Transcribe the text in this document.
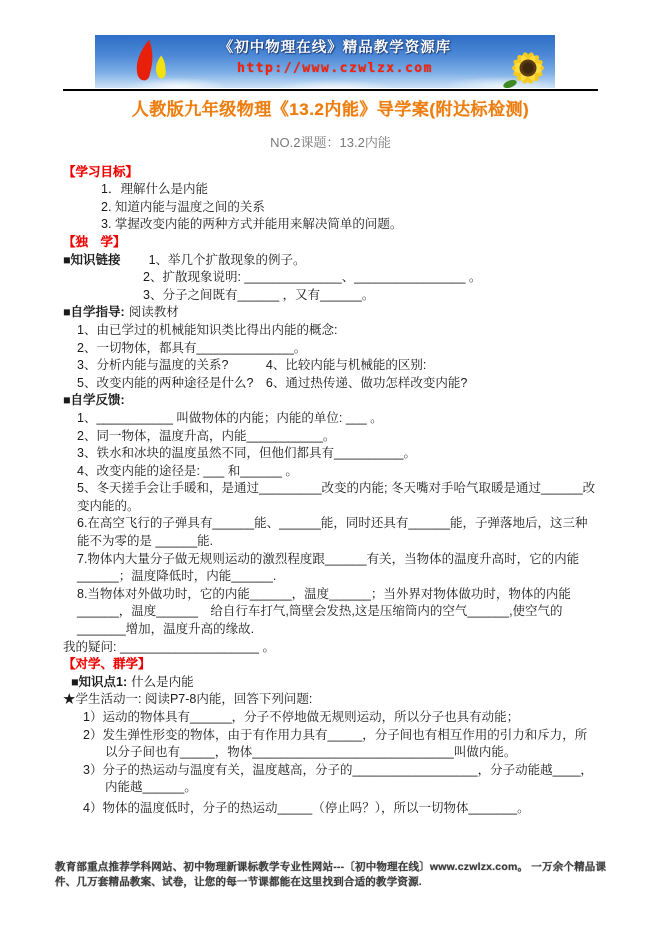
《初中物理在线》精品教学资源库
http://www.czwlzx.com
人教版九年级物理《13.2内能》导学案(附达标检测)
NO.2课题：13.2内能
【学习目标】
1．理解什么是内能
2. 知道内能与温度之间的关系
3. 掌握改变内能的两种方式并能用来解决简单的问题。
【独　学】
■知识链接 1、举几个扩散现象的例子。
2、扩散现象说明: ______________、________________ 。
3、分子之间既有______ ，又有______。
■自学指导: 阅读教材
1、由已学过的机械能知识类比得出内能的概念:
2、一切物体，都具有______________。
3、分析内能与温度的关系?　　　4、比较内能与机械能的区别:
5、改变内能的两种途径是什么?　6、通过热传递、做功怎样改变内能?
■自学反馈:
1、___________ 叫做物体的内能；内能的单位: ___ 。
2、同一物体，温度升高，内能___________。
3、铁水和冰块的温度虽然不同，但他们都具有__________。
4、改变内能的途径是: ___ 和______ 。
5、冬天搓手会让手暖和，是通过_________改变的内能; 冬天嘴对手哈气取暖是通过______改变内能的。
6.在高空飞行的子弹具有______能、______能，同时还具有______能，子弹落地后，这三种能不为零的是 ______能.
7.物体内大量分子做无规则运动的激烈程度跟______有关，当物体的温度升高时，它的内能______；温度降低时，内能______.
8.当物体对外做功时，它的内能______，温度______；当外界对物体做功时，物体的内能______，温度______　给自行车打气,筒壁会发热,这是压缩筒内的空气______,使空气的_______增加，温度升高的缘故.
我的疑问: ____________________ 。
【对学、群学】
■知识点1: 什么是内能
★学生活动一: 阅读P7-8内能，回答下列问题:
1）运动的物体具有______，分子不停地做无规则运动，所以分子也具有动能；
2）发生弹性形变的物体，由于有作用力具有_____，分子间也有相互作用的引力和斥力，所以分子间也有_____，物体_____________________________叫做内能。
3）分子的热运动与温度有关，温度越高，分子的__________________，分子动能越____，内能越______。
4）物体的温度低时，分子的热运动_____（停止吗？），所以一切物体_______。
教育部重点推荐学科网站、初中物理新课标教学专业性网站---〔初中物理在线〕www.czwlzx.com。 一万余个精品课件、几万套精品教案、试卷，让您的每一节课都能在这里找到合适的教学资源.
